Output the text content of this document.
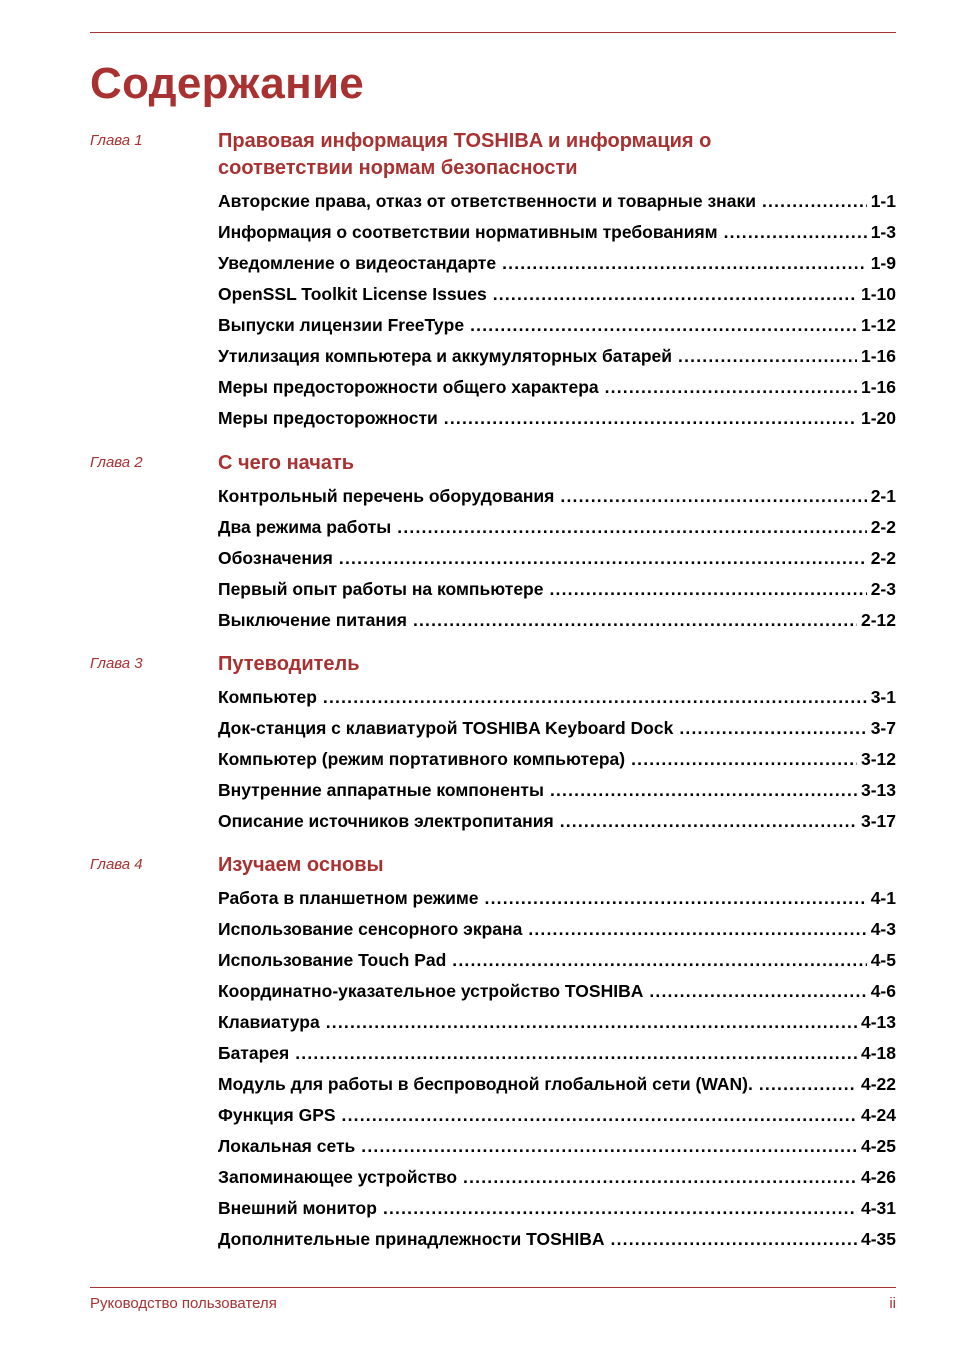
Содержание
Глава 1	Правовая информация TOSHIBA и информация о
соответствии нормам безопасности
Авторские права, отказ от ответственности и товарные знаки .....	1-1
Информация о соответствии нормативным требованиям .....	1-3
Уведомление о видеостандарте .....	1-9
OpenSSL Toolkit License Issues .....	1-10
Выпуски лицензии FreeType .....	1-12
Утилизация компьютера и аккумуляторных батарей .....	1-16
Меры предосторожности общего характера .....	1-16
Меры предосторожности .....	1-20
Глава 2	С чего начать
Контрольный перечень оборудования .....	2-1
Два режима работы .....	2-2
Обозначения .....	2-2
Первый опыт работы на компьютере .....	2-3
Выключение питания .....	2-12
Глава 3	Путеводитель
Компьютер .....	3-1
Док-станция с клавиатурой TOSHIBA Keyboard Dock .....	3-7
Компьютер (режим портативного компьютера) .....	3-12
Внутренние аппаратные компоненты .....	3-13
Описание источников электропитания .....	3-17
Глава 4	Изучаем основы
Работа в планшетном режиме .....	4-1
Использование сенсорного экрана .....	4-3
Использование Touch Pad .....	4-5
Координатно-указательное устройство TOSHIBA .....	4-6
Клавиатура .....	4-13
Батарея .....	4-18
Модуль для работы в беспроводной глобальной сети (WAN). .....	4-22
Функция GPS .....	4-24
Локальная сеть .....	4-25
Запоминающее устройство .....	4-26
Внешний монитор .....	4-31
Дополнительные принадлежности TOSHIBA .....	4-35
Руководство пользователя	ii
